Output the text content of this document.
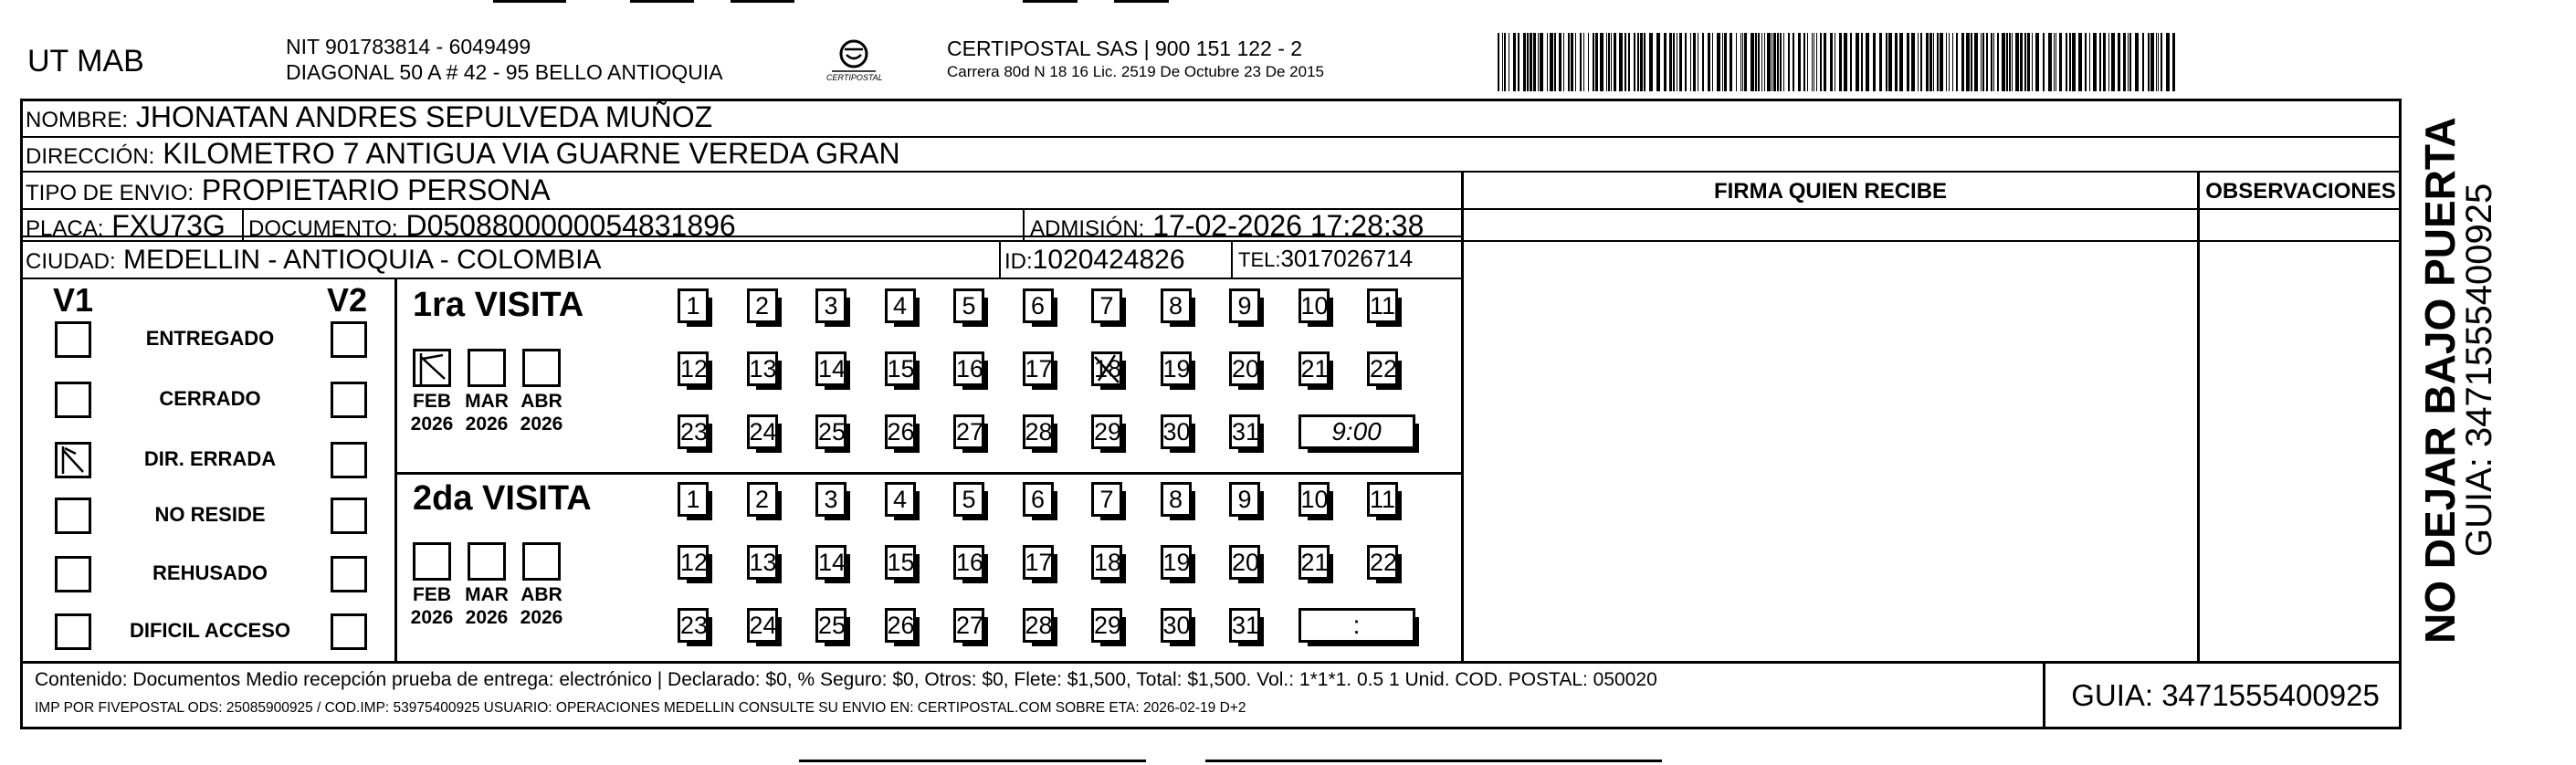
UT MAB	NIT 901783814 - 6049499
DIAGONAL 50 A # 42 - 95 BELLO ANTIOQUIA	CERTIPOSTAL
CERTIPOSTAL SAS | 900 151 122 - 2
Carrera 80d N 18 16 Lic. 2519 De Octubre 23 De 2015
NOMBRE: JHONATAN ANDRES SEPULVEDA MUÑOZ
DIRECCIÓN: KILOMETRO 7 ANTIGUA VIA GUARNE VEREDA GRAN
TIPO DE ENVIO: PROPIETARIO PERSONA
PLACA: FXU73G DOCUMENTO: D0508800000054831896	ADMISIÓN: 17-02-2026 17:28:38
CIUDAD: MEDELLIN - ANTIOQUIA - COLOMBIA	ID:1020424826	TEL:3017026714
FIRMA QUIEN RECIBE	OBSERVACIONES
V1	V2
ENTREGADO
CERRADO
DIR. ERRADA
NO RESIDE
REHUSADO
DIFICIL ACCESO
1ra VISITA
FEB
2026
MAR
2026
ABR
2026
1	2	3	4	5	6	7	8	9	10 11
12 13 14 15 16 17 18 19 20 21 22
23 24 25 26 27 28 29 30 31	9:00
2da VISITA
FEB
2026
MAR
2026
ABR
2026
1	2	3	4	5	6	7	8	9	10 11
12 13 14 15 16 17 18 19 20 21 22
23 24 25 26 27 28 29 30 31	:
Contenido: Documentos Medio recepción prueba de entrega: electrónico | Declarado: $0, % Seguro: $0, Otros: $0, Flete: $1,500, Total: $1,500. Vol.: 1*1*1. 0.5 1 Unid. COD. POSTAL: 050020
IMP POR FIVEPOSTAL ODS: 25085900925 / COD.IMP: 53975400925 USUARIO: OPERACIONES MEDELLIN CONSULTE SU ENVIO EN: CERTIPOSTAL.COM SOBRE ETA: 2026-02-19 D+2	GUIA: 3471555400925
NO DEJAR BAJO PUERTA
GUIA: 3471555400925
